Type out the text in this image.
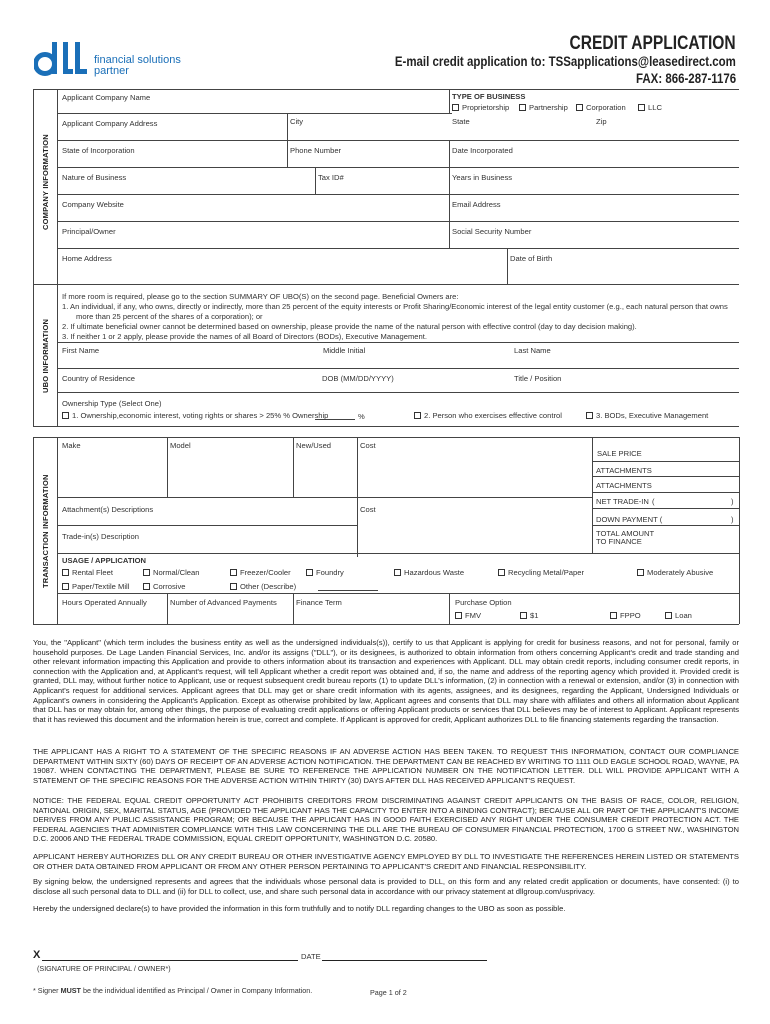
financial solutions
partner
CREDIT APPLICATION
E-mail credit application to: TSSapplications@leasedirect.com
FAX: 866-287-1176
COMPANY INFORMATION
Applicant Company Name	TYPE OF BUSINESS
Proprietorship	Partnership	Corporation	LLC
Applicant Company Address	City	State	Zip
State of Incorporation	Phone Number	Date Incorporated
Nature of Business	Tax ID#	Years in Business
Company Website	Email Address
Principal/Owner	Social Security Number
Home Address	Date of Birth
UBO INFORMATION
If more room is required, please go to the section SUMMARY OF UBO(S) on the second page. Beneficial Owners are:
1. An individual, if any, who owns, directly or indirectly, more than 25 percent of the equity interests or Profit Sharing/Economic interest of the legal entity customer (e.g., each natural person that owns
more than 25 percent of the shares of a corporation); or
2. If ultimate beneficial owner cannot be determined based on ownership, please provide the name of the natural person with effective control (day to day decision making).
3. If neither 1 or 2 apply, please provide the names of all Board of Directors (BODs), Executive Management.
First Name	Middle Initial	Last Name
Country of Residence	DOB (MM/DD/YYYY)	Title / Position
Ownership Type (Select One)
1. Ownership,economic interest, voting rights or shares > 25% % Ownership	%	2. Person who exercises effective control	3. BODs, Executive Management
TRANSACTION INFORMATION
Make	Model	New/Used	Cost
SALE PRICE
ATTACHMENTS
ATTACHMENTS
NET TRADE-IN (	)
DOWN PAYMENT (	)
TOTAL AMOUNT
TO FINANCE
Attachment(s) Descriptions	Cost
Trade-in(s) Description
USAGE / APPLICATION
Rental Fleet	Normal/Clean	Freezer/Cooler	Foundry	Hazardous Waste	Recycling Metal/Paper	Moderately Abusive
Paper/Textile Mill	Corrosive	Other (Describe)
Hours Operated Annually	Number of Advanced Payments	Finance Term	Purchase Option
FMV	$1	FPPO	Loan
You, the "Applicant" (which term includes the business entity as well as the undersigned individuals(s)), certify to us that Applicant is applying for credit for business reasons, and not for personal, family or household purposes. De Lage Landen Financial Services, Inc. and/or its assigns ("DLL"), or its designees, is authorized to obtain information from others concerning Applicant's credit and trade standing and other relevant information impacting this Application and provide to others information about its transaction and experiences with Applicant. DLL may obtain credit reports, including consumer credit reports, in connection with the Application and, at Applicant's request, will tell Applicant whether a credit report was obtained and, if so, the name and address of the reporting agency which provided it. Provided credit is granted, DLL may, without further notice to Applicant, use or request subsequent credit bureau reports (1) to update DLL's information, (2) in connection with a renewal or extension, and/or (3) in connection with Applicant's request for additional services. Applicant agrees that DLL may get or share credit information with its agents, assignees, and its designees, regarding the Applicant, Undersigned Individuals or Applicant's owners in considering the Applicant's Application. Except as otherwise prohibited by law, Applicant agrees and consents that DLL may share with affiliates and others all information about Applicant that DLL has or may obtain for, among other things, the purpose of evaluating credit applications or offering Applicant products or services that DLL believes may be of interest to Applicant. Applicant represents that it has reviewed this document and the information herein is true, correct and complete. If Applicant is approved for credit, Applicant authorizes DLL to file financing statements regarding the transaction.
THE APPLICANT HAS A RIGHT TO A STATEMENT OF THE SPECIFIC REASONS IF AN ADVERSE ACTION HAS BEEN TAKEN. TO REQUEST THIS INFORMATION, CONTACT OUR COMPLIANCE DEPARTMENT WITHIN SIXTY (60) DAYS OF RECEIPT OF AN ADVERSE ACTION NOTIFICATION. THE DEPARTMENT CAN BE REACHED BY WRITING TO 1111 OLD EAGLE SCHOOL ROAD, WAYNE, PA 19087. WHEN CONTACTING THE DEPARTMENT, PLEASE BE SURE TO REFERENCE THE APPLICATION NUMBER ON THE NOTIFICATION LETTER. DLL WILL PROVIDE APPLICANT WITH A STATEMENT OF THE SPECIFIC REASONS FOR THE ADVERSE ACTION WITHIN THIRTY (30) DAYS AFTER DLL HAS RECEIVED APPLICANT'S REQUEST.
NOTICE: THE FEDERAL EQUAL CREDIT OPPORTUNITY ACT PROHIBITS CREDITORS FROM DISCRIMINATING AGAINST CREDIT APPLICANTS ON THE BASIS OF RACE, COLOR, RELIGION, NATIONAL ORIGIN, SEX, MARITAL STATUS, AGE (PROVIDED THE APPLICANT HAS THE CAPACITY TO ENTER INTO A BINDING CONTRACT); BECAUSE ALL OR PART OF THE APPLICANT'S INCOME DERIVES FROM ANY PUBLIC ASSISTANCE PROGRAM; OR BECAUSE THE APPLICANT HAS IN GOOD FAITH EXERCISED ANY RIGHT UNDER THE CONSUMER CREDIT PROTECTION ACT. THE FEDERAL AGENCIES THAT ADMINISTER COMPLIANCE WITH THIS LAW CONCERNING THE DLL ARE THE BUREAU OF CONSUMER FINANCIAL PROTECTION, 1700 G STREET NW., WASHINGTON D.C. 20006 AND THE FEDERAL TRADE COMMISSION, EQUAL CREDIT OPPORTUNITY, WASHINGTON D.C. 20580.
APPLICANT HEREBY AUTHORIZES DLL OR ANY CREDIT BUREAU OR OTHER INVESTIGATIVE AGENCY EMPLOYED BY DLL TO INVESTIGATE THE REFERENCES HEREIN LISTED OR STATEMENTS OR OTHER DATA OBTAINED FROM APPLICANT OR FROM ANY OTHER PERSON PERTAINING TO APPLICANT'S CREDIT AND FINANCIAL RESPONSIBILITY.
By signing below, the undersigned represents and agrees that the individuals whose personal data is provided to DLL, on this form and any related credit application or documents, have consented: (i) to disclose all such personal data to DLL and (ii) for DLL to collect, use, and share such personal data in accordance with our privacy statement at dllgroup.com/usprivacy.
Hereby the undersigned declare(s) to have provided the information in this form truthfully and to notify DLL regarding changes to the UBO as soon as possible.
X	DATE
(SIGNATURE OF PRINCIPAL / OWNER*)
* Signer MUST be the individual identified as Principal / Owner in Company Information.	Page 1 of 2
